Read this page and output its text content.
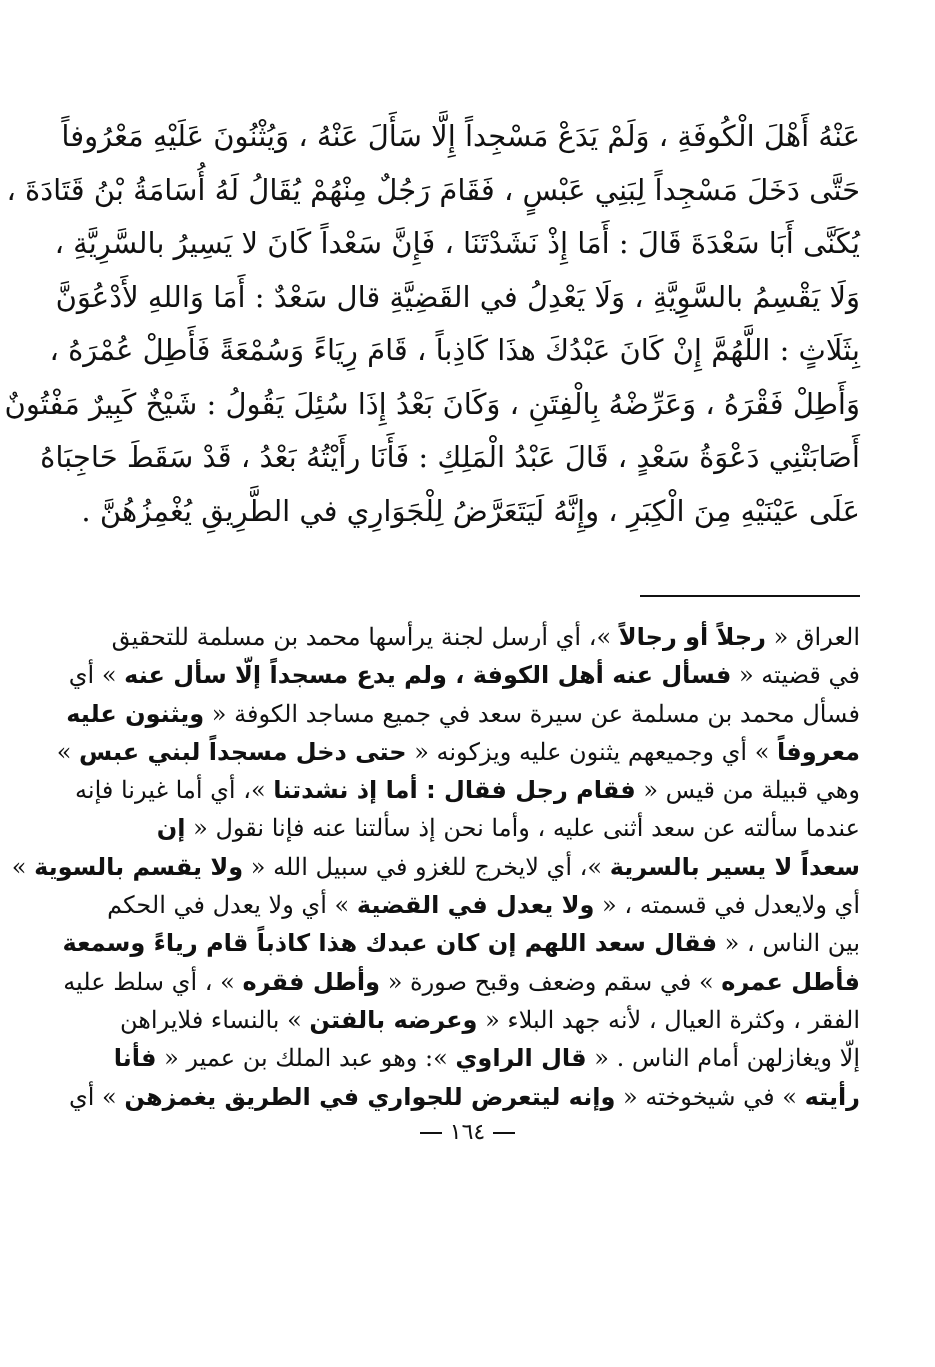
عَنْهُ أَهْلَ الْكُوفَةِ ، وَلَمْ يَدَعْ مَسْجِداً إِلَّا سَأَلَ عَنْهُ ، وَيُثْنُونَ عَلَيْهِ مَعْرُوفاً
حَتَّى دَخَلَ مَسْجِداً لِبَنِي عَبْسٍ ، فَقَامَ رَجُلٌ مِنْهُمْ يُقَالُ لَهُ أُسَامَةُ بْنُ قَتَادَةَ ،
يُكَنَّى أَبَا سَعْدَةَ قَالَ : أَمَا إِذْ نَشَدْتَنَا ، فَإِنَّ سَعْداً كَانَ لا يَسِيرُ بالسَّرِيَّةِ ،
وَلَا يَقْسِمُ بالسَّوِيَّةِ ، وَلَا يَعْدِلُ في القَضِيَّةِ قال سَعْدٌ : أَمَا وَاللهِ لأَدْعُوَنَّ
بِثَلَاثٍ : اللَّهُمَّ إِنْ كَانَ عَبْدُكَ هذَا كَاذِباً ، قَامَ رِيَاءً وَسُمْعَةً فَأَطِلْ عُمْرَهُ ،
وَأَطِلْ فَقْرَهُ ، وَعَرِّضْهُ بِالْفِتَنِ ، وَكَانَ بَعْدُ إِذَا سُئِلَ يَقُولُ : شَيْخٌ كَبِيرٌ مَفْتُونٌ
أَصَابَتْنِي دَعْوَةُ سَعْدٍ ، قَالَ عَبْدُ الْمَلِكِ : فَأَنَا رأَيْتُهُ بَعْدُ ، قَدْ سَقَطَ حَاجِبَاهُ
عَلَى عَيْنَيْهِ مِنَ الْكِبَرِ ، وإِنَّهُ لَيَتَعَرَّضُ لِلْجَوَارِي في الطَّرِيقِ يُغْمِزُهُنَّ .
العراق « رجلاً أو رجالاً »، أي أرسل لجنة يرأسها محمد بن مسلمة للتحقيق
في قضيته « فسأل عنه أهل الكوفة ، ولم يدع مسجداً إلّا سأل عنه » أي
فسأل محمد بن مسلمة عن سيرة سعد في جميع مساجد الكوفة « ويثنون عليه
معروفاً » أي وجميعهم يثنون عليه ويزكونه « حتى دخل مسجداً لبني عبس »
وهي قبيلة من قيس « فقام رجل فقال : أما إذ نشدتنا »، أي أما غيرنا فإنه
عندما سألته عن سعد أثنى عليه ، وأما نحن إذ سألتنا عنه فإنا نقول « إن
سعداً لا يسير بالسرية »، أي لايخرج للغزو في سبيل الله « ولا يقسم بالسوية »
أي ولايعدل في قسمته ، « ولا يعدل في القضية » أي ولا يعدل في الحكم
بين الناس ، « فقال سعد اللهم إن كان عبدك هذا كاذباً قام رياءً وسمعة
فأطل عمره » في سقم وضعف وقبح صورة « وأطل فقره » ، أي سلط عليه
الفقر ، وكثرة العيال ، لأنه جهد البلاء « وعرضه بالفتن » بالنساء فلايراهن
إلّا ويغازلهن أمام الناس . « قال الراوي »: وهو عبد الملك بن عمير « فأنا
رأيته » في شيخوخته « وإنه ليتعرض للجواري في الطريق يغمزهن » أي
١٦٤
